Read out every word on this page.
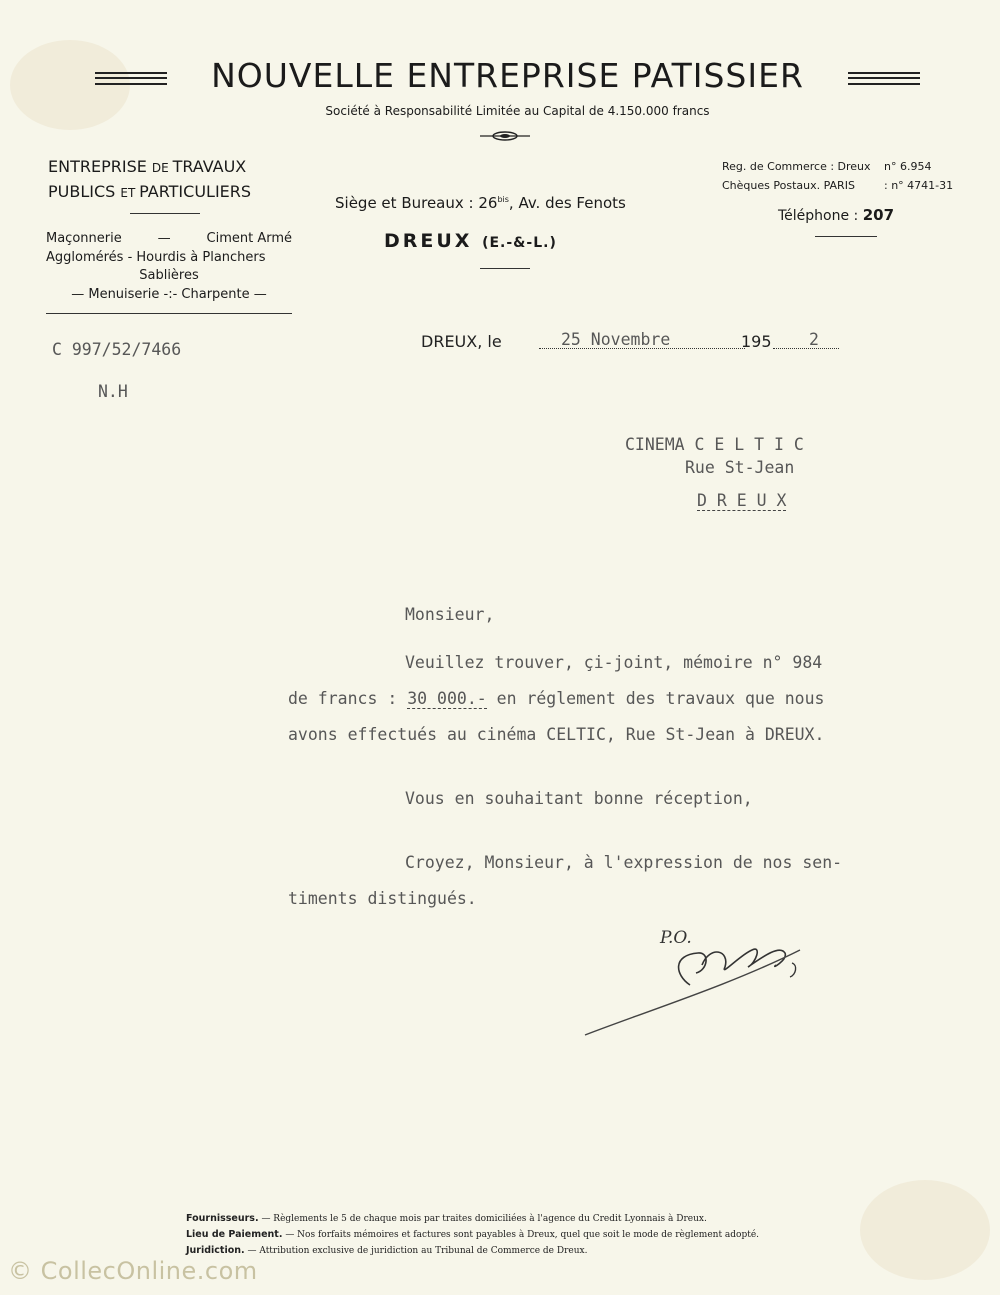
NOUVELLE ENTREPRISE PATISSIER
Société à Responsabilité Limitée au Capital de 4.150.000 francs
ENTREPRISE DE TRAVAUX
PUBLICS ET PARTICULIERS
Maçonnerie	—	Ciment Armé
Agglomérés - Hourdis à Planchers
Sablières
— Menuiserie -:- Charpente —
Siège et Bureaux : $26^{bis}$, Av. des Fenots
DREUX (E.-&-L.)
Reg. de Commerce : Dreux	n° 6.954
Chèques Postaux. PARIS	: n° 4741-31
Téléphone : 207
C 997/52/7466
N.H
DREUX, le	25 Novembre	195 2
CINEMA C E L T I C
Rue St-Jean
D R E U X

Monsieur,

Veuillez trouver, çi-joint, mémoire n° 984

de francs : 30 000.- en réglement des travaux que nous

avons effectués au cinéma CELTIC, Rue St-Jean à DREUX.

Vous en souhaitant bonne réception,

Croyez, Monsieur, à l'expression de nos sen-

timents distingués.

P.O.
Fournisseurs. — Règlements le 5 de chaque mois par traites domiciliées à l'agence du Credit Lyonnais à Dreux.
Lieu de Paiement. — Nos forfaits mémoires et factures sont payables à Dreux, quel que soit le mode de règlement adopté.
Juridiction. — Attribution exclusive de juridiction au Tribunal de Commerce de Dreux.
© CollecOnline.com
